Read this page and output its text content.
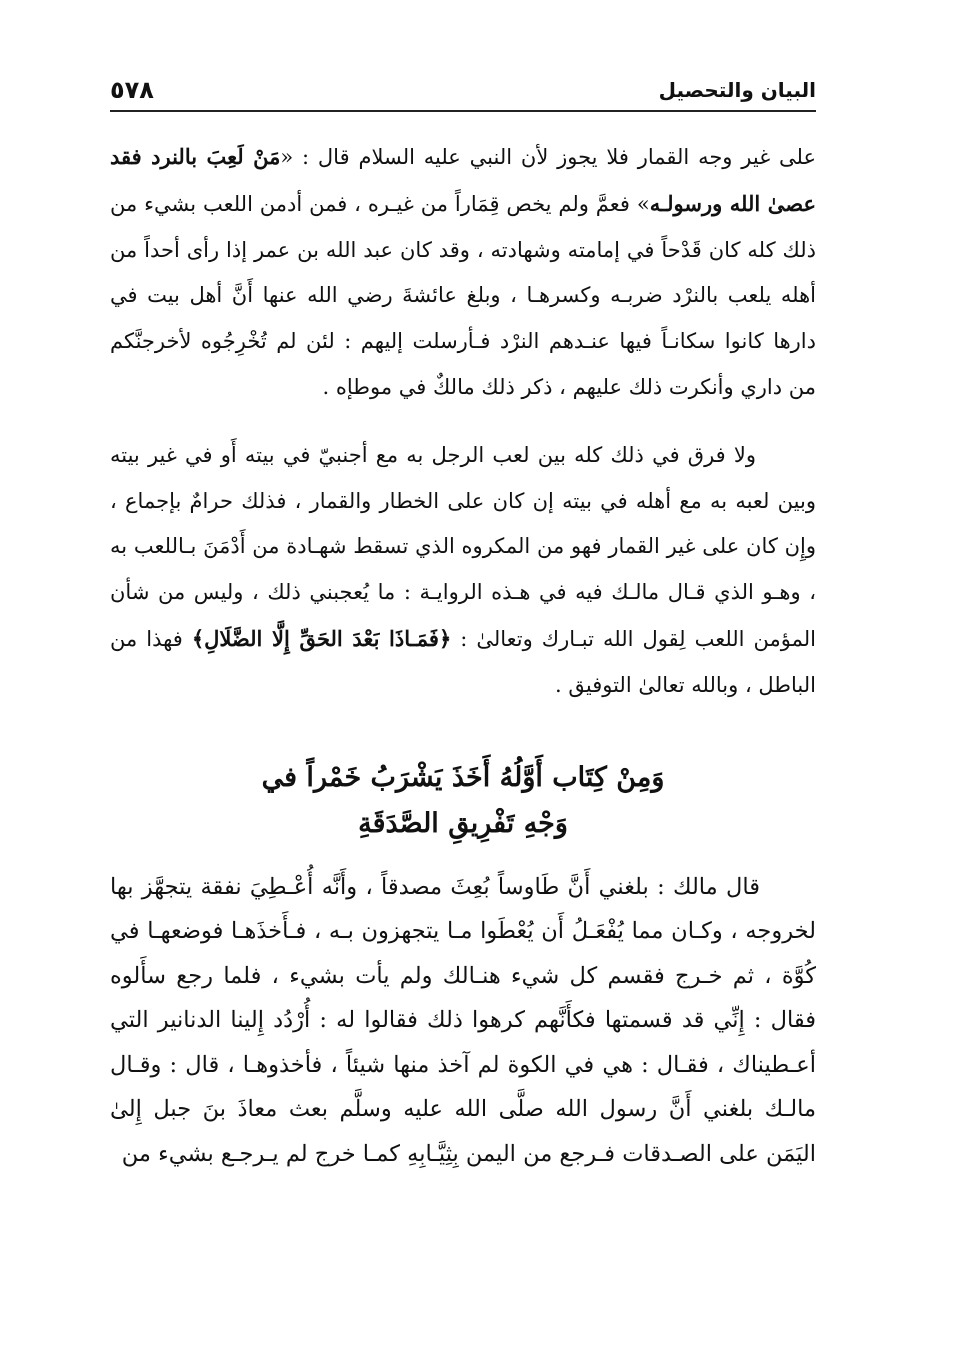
البيان والتحصيل
٥٧٨

على غير وجه القمار فلا يجوز لأن النبي عليه السلام قال : «مَنْ لَعِبَ بالنرد فقد عصىٰ الله ورسولـه» فعمَّ ولم يخص قِمَاراً من غيـره ، فمن أدمن اللعب بشيء من ذلك كله كان قَدْحاً في إمامته وشهادته ، وقد كان عبد الله بن عمر إذا رأى أحداً من أهله يلعب بالنرْد ضربـه وكسرهـا ، وبلغ عائشةَ رضي الله عنها أَنَّ أهل بيت في دارها كانوا سكانـاً فيها عنـدهم النرْد فـأرسلت إليهم : لئن لم تُخْرِجُوه لأخرجنَّكم من داري وأنكرت ذلك عليهم ، ذكر ذلك مالكٌ في موطإه .

ولا فرق في ذلك كله بين لعب الرجل به مع أجنبيّ في بيته أَو في غير بيته وبين لعبه به مع أهله في بيته إن كان على الخطار والقمار ، فذلك حرامٌ بإجماع ، وإِن كان على غير القمار فهو من المكروه الذي تسقط شهـادة من أَدْمَنَ بـاللعب به ، وهـو الذي قـال مالـك فيه في هـذه الروايـة : ما يُعجبني ذلك ، وليس من شأن المؤمن اللعب لِقول الله تبـارك وتعالىٰ : ﴿فَمَـاذَا بَعْدَ الحَقِّ إِلَّا الضَّلَالِ﴾ فهذا من الباطل ، وبالله تعالىٰ التوفيق .

وَمِنْ كِتَاب أَوَّلُهُ أَخَذَ يَشْرَبُ خَمْراً في
وَجْهِ تَفْرِيقِ الصَّدَقَةِ

قال مالك : بلغني أَنَّ طَاوساً بُعِثَ مصدقاً ، وأَنَّه أُعْـطِيَ نفقة يتجهَّز بها لخروجه ، وكـان مما يُفْعَـلُ أَن يُعْطَوا مـا يتجهزون بـه ، فـأَخذَهـا فوضعهـا في كُوَّة ، ثم خـرج فقسم كل شيء هنـالك ولم يأت بشيء ، فلما رجع سأَلوه فقال : إِنِّي قد قسمتها فكأَنَّهم كرهوا ذلك فقالوا له : أُرْدُد إِلينا الدنانير التي أعـطيناك ، فقـال : هي في الكوة لم آخذ منها شيئاً ، فأخذوهـا ، قال : وقـال مالـك بلغني أَنَّ رسول الله صلَّى الله عليه وسلَّم بعث معاذَ بنَ جبل إِلىٰ اليَمَن على الصـدقات فـرجع من اليمن بِثِيَّـابِهِ كمـا خرج لم يـرجـع بشيء من
